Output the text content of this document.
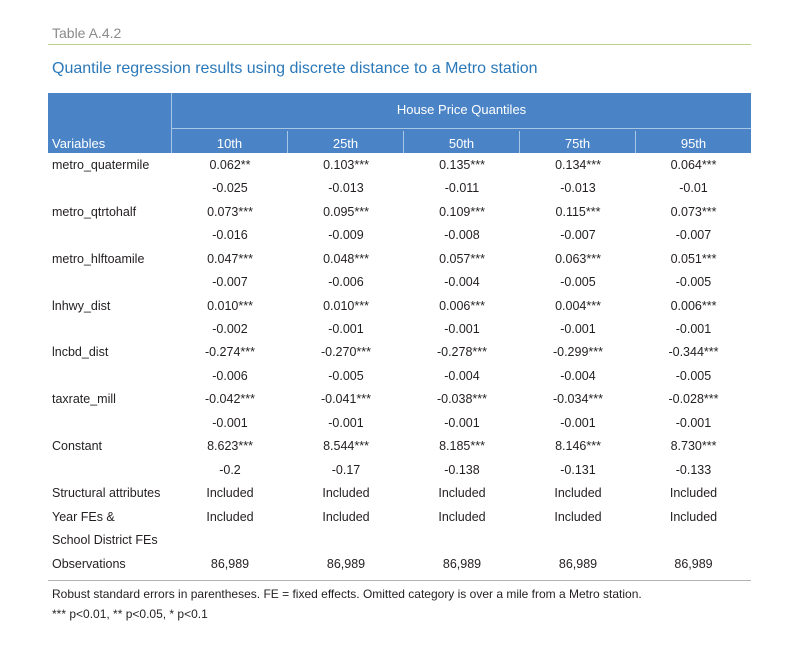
Table A.4.2
Quantile regression results using discrete distance to a Metro station
House Price Quantiles
Variables	10th	25th	50th	75th	95th
metro_quatermile	0.062**	0.103***	0.135***	0.134***	0.064***
	-0.025	-0.013	-0.011	-0.013	-0.01
metro_qtrtohalf	0.073***	0.095***	0.109***	0.115***	0.073***
	-0.016	-0.009	-0.008	-0.007	-0.007
metro_hlftoamile	0.047***	0.048***	0.057***	0.063***	0.051***
	-0.007	-0.006	-0.004	-0.005	-0.005
lnhwy_dist	0.010***	0.010***	0.006***	0.004***	0.006***
	-0.002	-0.001	-0.001	-0.001	-0.001
lncbd_dist	-0.274***	-0.270***	-0.278***	-0.299***	-0.344***
	-0.006	-0.005	-0.004	-0.004	-0.005
taxrate_mill	-0.042***	-0.041***	-0.038***	-0.034***	-0.028***
	-0.001	-0.001	-0.001	-0.001	-0.001
Constant	8.623***	8.544***	8.185***	8.146***	8.730***
	-0.2	-0.17	-0.138	-0.131	-0.133
Structural attributes	Included	Included	Included	Included	Included
Year FEs &	Included	Included	Included	Included	Included
School District FEs					
Observations	86,989	86,989	86,989	86,989	86,989
Robust standard errors in parentheses. FE = fixed effects. Omitted category is over a mile from a Metro station.
*** p<0.01, ** p<0.05, * p<0.1
